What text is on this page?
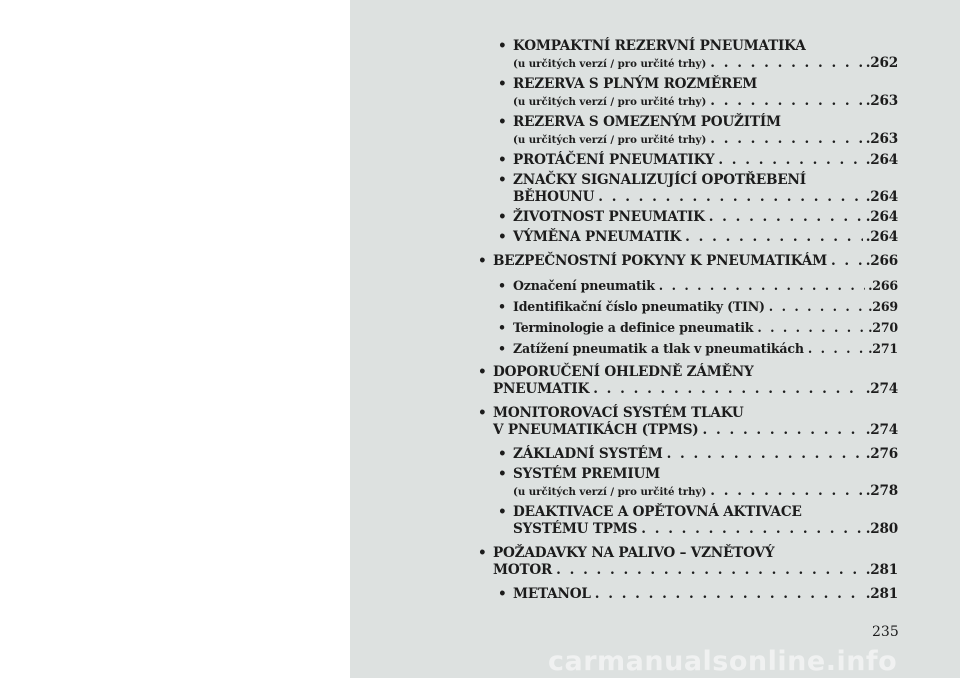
• KOMPAKTNÍ REZERVNÍ PNEUMATIKA
(u určitých verzí / pro určité trhy) . . .	.262
• REZERVA S PLNÝM ROZMĚREM
(u určitých verzí / pro určité trhy) . . .	.263
• REZERVA S OMEZENÝM POUŽITÍM
(u určitých verzí / pro určité trhy) . . .	.263
• PROTÁČENÍ PNEUMATIKY . . .	.264
• ZNAČKY SIGNALIZUJÍCÍ OPOTŘEBENÍ
BĚHOUNU . . .	.264
• ŽIVOTNOST PNEUMATIK . . .	.264
• VÝMĚNA PNEUMATIK . . .	.264
• BEZPEČNOSTNÍ POKYNY K PNEUMATIKÁM . . .	.266
• Označení pneumatik . . .	.266
• Identifikační číslo pneumatiky (TIN) . . .	.269
• Terminologie a definice pneumatik . . .	.270
• Zatížení pneumatik a tlak v pneumatikách . . .	.271
• DOPORUČENÍ OHLEDNĚ ZÁMĚNY
PNEUMATIK . . .	.274
• MONITOROVACÍ SYSTÉM TLAKU
V PNEUMATIKÁCH (TPMS) . . .	.274
• ZÁKLADNÍ SYSTÉM . . .	.276
• SYSTÉM PREMIUM
(u určitých verzí / pro určité trhy) . . .	.278
• DEAKTIVACE A OPĚTOVNÁ AKTIVACE
SYSTÉMU TPMS . . .	.280
• POŽADAVKY NA PALIVO – VZNĚTOVÝ
MOTOR . . .	.281
• METANOL . . .	.281
235
carmanualsonline.info
